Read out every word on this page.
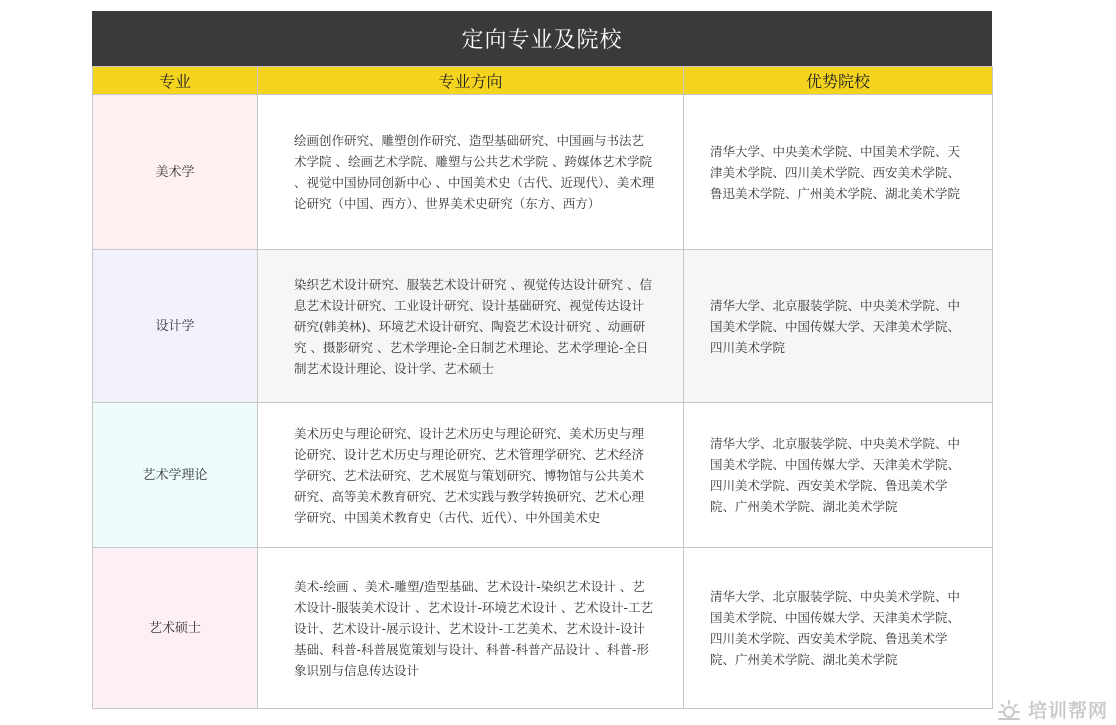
定向专业及院校
专业	专业方向	优势院校
美术学	绘画创作研究、雕塑创作研究、造型基础研究、中国画与书法艺术学院 、绘画艺术学院、雕塑与公共艺术学院 、跨媒体艺术学院 、视觉中国协同创新中心 、中国美术史（古代、近现代）、美术理论研究（中国、西方）、世界美术史研究（东方、西方）	清华大学、中央美术学院、中国美术学院、天津美术学院、四川美术学院、西安美术学院、鲁迅美术学院、广州美术学院、湖北美术学院
设计学	染织艺术设计研究、服装艺术设计研究 、视觉传达设计研究 、信息艺术设计研究、工业设计研究、设计基础研究、视觉传达设计研究(韩美林)、环境艺术设计研究、陶瓷艺术设计研究 、动画研究 、摄影研究 、艺术学理论-全日制艺术理论、艺术学理论-全日制艺术设计理论、设计学、艺术硕士	清华大学、北京服装学院、中央美术学院、中国美术学院、中国传媒大学、天津美术学院、四川美术学院
艺术学理论	美术历史与理论研究、设计艺术历史与理论研究、美术历史与理论研究、设计艺术历史与理论研究、艺术管理学研究、艺术经济学研究、艺术法研究、艺术展览与策划研究、博物馆与公共美术研究、高等美术教育研究、艺术实践与教学转换研究、艺术心理学研究、中国美术教育史（古代、近代）、中外国美术史	清华大学、北京服装学院、中央美术学院、中国美术学院、中国传媒大学、天津美术学院、四川美术学院、西安美术学院、鲁迅美术学院、广州美术学院、湖北美术学院
艺术硕士	美术-绘画 、美术-雕塑/造型基础、艺术设计-染织艺术设计 、艺术设计-服装美术设计 、艺术设计-环境艺术设计 、艺术设计-工艺设计、艺术设计-展示设计、艺术设计-工艺美术、艺术设计-设计基础、科普-科普展览策划与设计、科普-科普产品设计 、科普-形象识别与信息传达设计	清华大学、北京服装学院、中央美术学院、中国美术学院、中国传媒大学、天津美术学院、四川美术学院、西安美术学院、鲁迅美术学院、广州美术学院、湖北美术学院
培训帮网
